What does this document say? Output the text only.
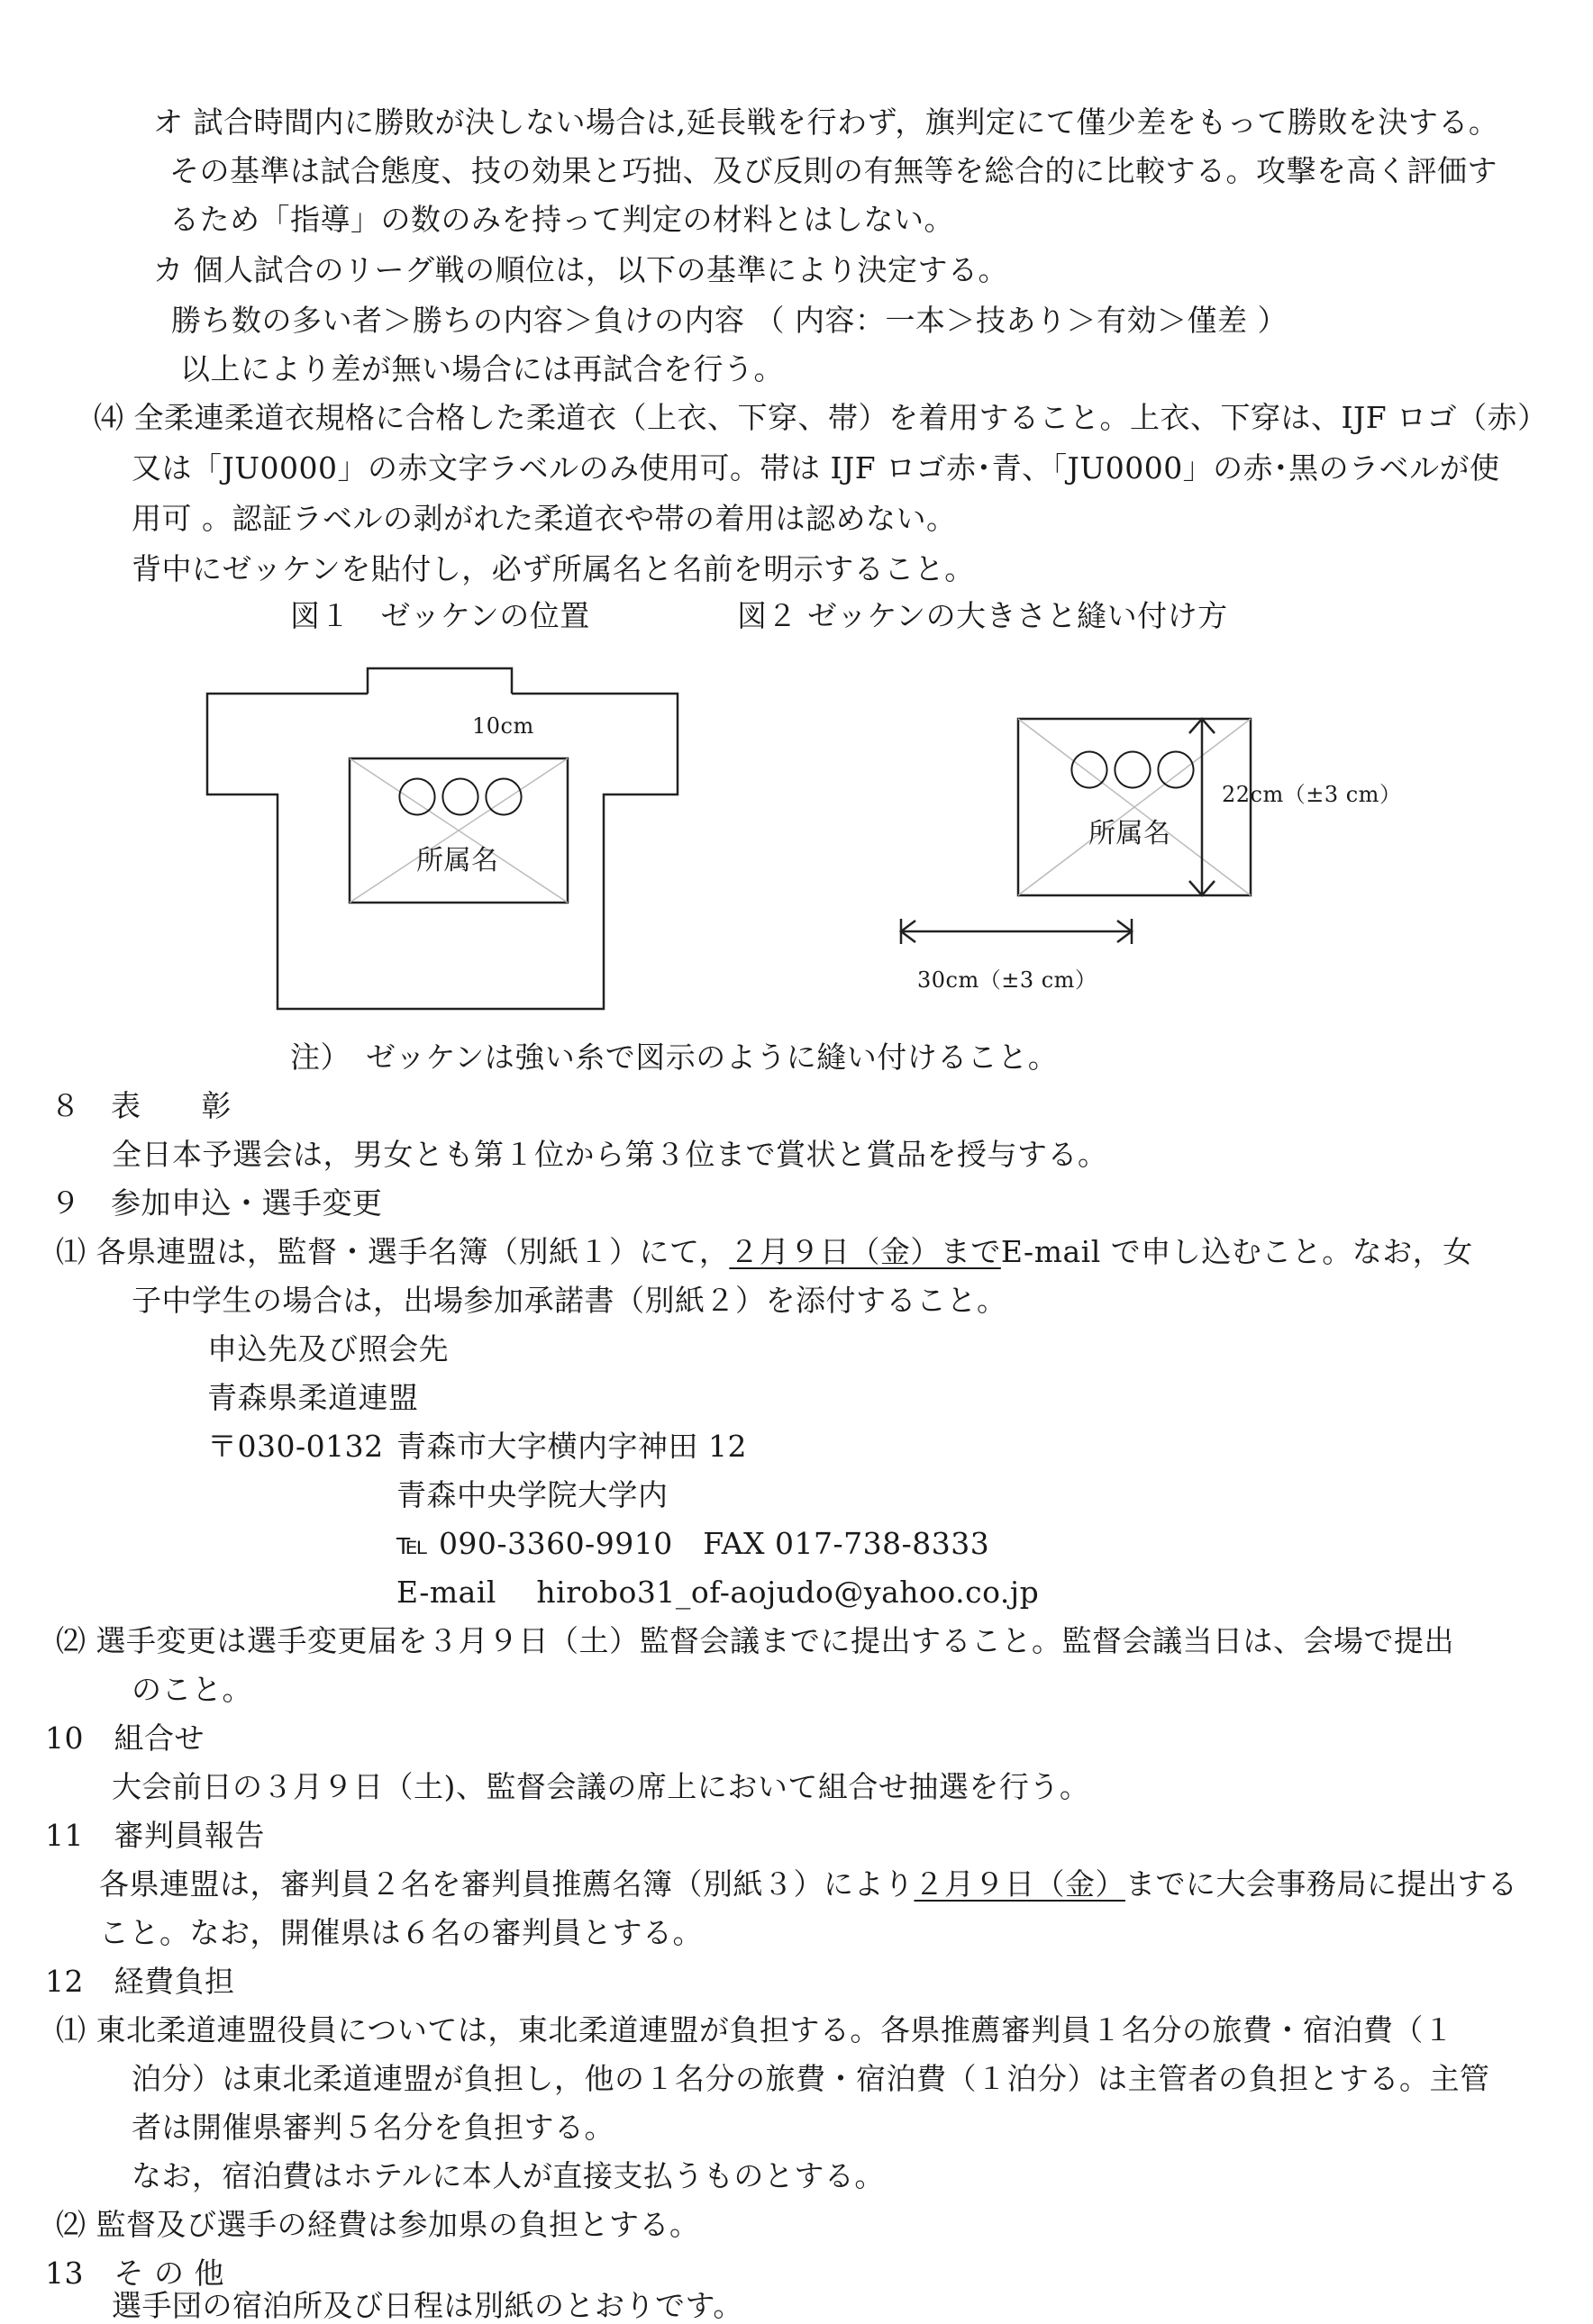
オ 試合時間内に勝敗が決しない場合は,延長戦を行わず，旗判定にて僅少差をもって勝敗を決する。
その基準は試合態度、技の効果と巧拙、及び反則の有無等を総合的に比較する。攻撃を高く評価す
るため「指導」の数のみを持って判定の材料とはしない。
カ 個人試合のリーグ戦の順位は，以下の基準により決定する。
勝ち数の多い者＞勝ちの内容＞負けの内容 （ 内容：一本＞技あり＞有効＞僅差 ）
以上により差が無い場合には再試合を行う。
⑷ 全柔連柔道衣規格に合格した柔道衣（上衣、下穿、帯）を着用すること。上衣、下穿は、IJF ロゴ（赤）
又は「JU0000」の赤文字ラベルのみ使用可。帯は IJF ロゴ赤･青、「JU0000」の赤･黒のラベルが使
用可 。認証ラベルの剥がれた柔道衣や帯の着用は認めない。
背中にゼッケンを貼付し，必ず所属名と名前を明示すること。
図１　ゼッケンの位置	図２ ゼッケンの大きさと縫い付け方
10cm
〇〇〇
所属名
〇〇〇
所属名
22cm（±3 cm）
30cm（±3 cm）
注）　ゼッケンは強い糸で図示のように縫い付けること。
８　表　　彰
全日本予選会は，男女とも第１位から第３位まで賞状と賞品を授与する。
９　参加申込・選手変更
⑴ 各県連盟は，監督・選手名簿（別紙１）にて，２月９日（金）までE-mail で申し込むこと。なお，女
子中学生の場合は，出場参加承諾書（別紙２）を添付すること。
申込先及び照会先
青森県柔道連盟
〒030-0132 青森市大字横内字神田 12
青森中央学院大学内
℡ 090-3360-9910　FAX 017-738-8333
E-mail　 hirobo31_of-aojudo@yahoo.co.jp
⑵ 選手変更は選手変更届を３月９日（土）監督会議までに提出すること。監督会議当日は、会場で提出
のこと。
10　組合せ
大会前日の３月９日（土)、監督会議の席上において組合せ抽選を行う。
11　審判員報告
各県連盟は，審判員２名を審判員推薦名簿（別紙３）により２月９日（金）までに大会事務局に提出する
こと。なお，開催県は６名の審判員とする。
12　経費負担
⑴ 東北柔道連盟役員については，東北柔道連盟が負担する。各県推薦審判員１名分の旅費・宿泊費（１
泊分）は東北柔道連盟が負担し，他の１名分の旅費・宿泊費（１泊分）は主管者の負担とする。主管
者は開催県審判５名分を負担する。
なお，宿泊費はホテルに本人が直接支払うものとする。
⑵ 監督及び選手の経費は参加県の負担とする。
13　そ の 他
選手団の宿泊所及び日程は別紙のとおりです。
